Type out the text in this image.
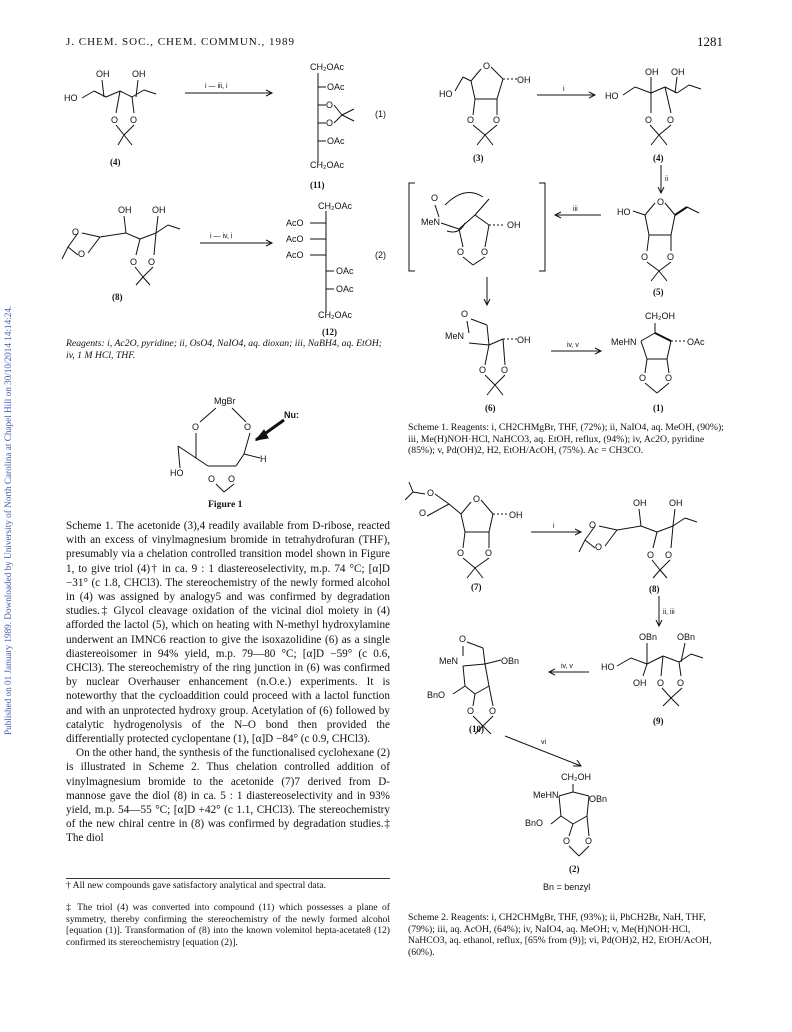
Published on 01 January 1989. Downloaded by University of North Carolina at Chapel Hill on 30/10/2014 14:14:24.
J. CHEM. SOC., CHEM. COMMUN., 1989	1281
OH	OH
HO
O O
(4)
i — iii, i
CH₂OAc
OAc
O
O
OAc
CH₂OAc
(1)
(11)
OH OH
O
O
O O
(8)
i — iv, i
CH₂OAc
AcO
AcO
AcO
OAc
OAc
CH₂OAc
(2)
(12)
Reagents: i, Ac2O, pyridine; ii, OsO4, NaIO4, aq. dioxan; iii, NaBH4, aq. EtOH; iv, 1 M HCl, THF.
MgBr
O	O
H
HO
O O
Nu:
Figure 1

Scheme 1. The acetonide (3),4 readily available from D-ribose, reacted with an excess of vinylmagnesium bromide in tetrahydrofuran (THF), presumably via a chelation controlled transition model shown in Figure 1, to give triol (4)† in ca. 9 : 1 diastereoselectivity, m.p. 74 °C; [α]D −31° (c 1.8, CHCl3). The stereochemistry of the newly formed alcohol in (4) was assigned by analogy5 and was confirmed by degradation studies.‡ Glycol cleavage oxidation of the vicinal diol moiety in (4) afforded the lactol (5), which on heating with N-methyl hydroxylamine underwent an IMNC6 reaction to give the isoxazolidine (6) as a single diastereoisomer in 94% yield, m.p. 79—80 °C; [α]D −59° (c 0.6, CHCl3). The stereochemistry of the ring junction in (6) was confirmed by nuclear Overhauser enhancement (n.O.e.) experiments. It is noteworthy that the cycloaddition could proceed with a lactol function and with an unprotected hydroxy group. Acetylation of (6) followed by catalytic hydrogenolysis of the N–O bond then provided the differentially protected cyclopentane (1), [α]D −84° (c 0.9, CHCl3).

On the other hand, the synthesis of the functionalised cyclohexane (2) is illustrated in Scheme 2. Thus chelation controlled addition of vinylmagnesium bromide to the acetonide (7)7 derived from D-mannose gave the diol (8) in ca. 5 : 1 diastereoselectivity and in 93% yield, m.p. 54—55 °C; [α]D +42° (c 1.1, CHCl3). The stereochemistry of the new chiral centre in (8) was confirmed by degradation studies.‡ The diol

† All new compounds gave satisfactory analytical and spectral data.
‡ The triol (4) was converted into compound (11) which possesses a plane of symmetry, thereby confirming the stereochemistry of the newly formed alcohol [equation (1)]. Transformation of (8) into the known volemitol hepta-acetate8 (12) confirmed its stereochemistry [equation (2)].
HO
O
OH
O O
(3)
i
OH OH
HO
O O
(4)
ii
HO
O
O O
(5)
iii
O
MeN	OH
O O
O
MeN	OH
O O
(6)
iv, v
CH₂OH
MeHN	OAc
O O
(1)
Scheme 1. Reagents: i, CH2CHMgBr, THF, (72%); ii, NaIO4, aq. MeOH, (90%); iii, Me(H)NOH·HCl, NaHCO3, aq. EtOH, reflux, (94%); iv, Ac2O, pyridine (85%); v, Pd(OH)2, H2, EtOH/AcOH, (75%). Ac = CH3CO.
O
O
O
OH
O O
(7)
i
OH	OH
O
O
O O
(8)
ii, iii
OBn OBn
HO
OH O O
(9)
iv, v
O
MeN	OBn
BnO
O O
(10)
vi
CH₂OH
MeHN	OBn
BnO
O O
(2)
Bn = benzyl
Scheme 2. Reagents: i, CH2CHMgBr, THF, (93%); ii, PhCH2Br, NaH, THF, (79%); iii, aq. AcOH, (64%); iv, NaIO4, aq. MeOH; v, Me(H)NOH·HCl, NaHCO3, aq. ethanol, reflux, [65% from (9)]; vi, Pd(OH)2, H2, EtOH/AcOH, (60%).
